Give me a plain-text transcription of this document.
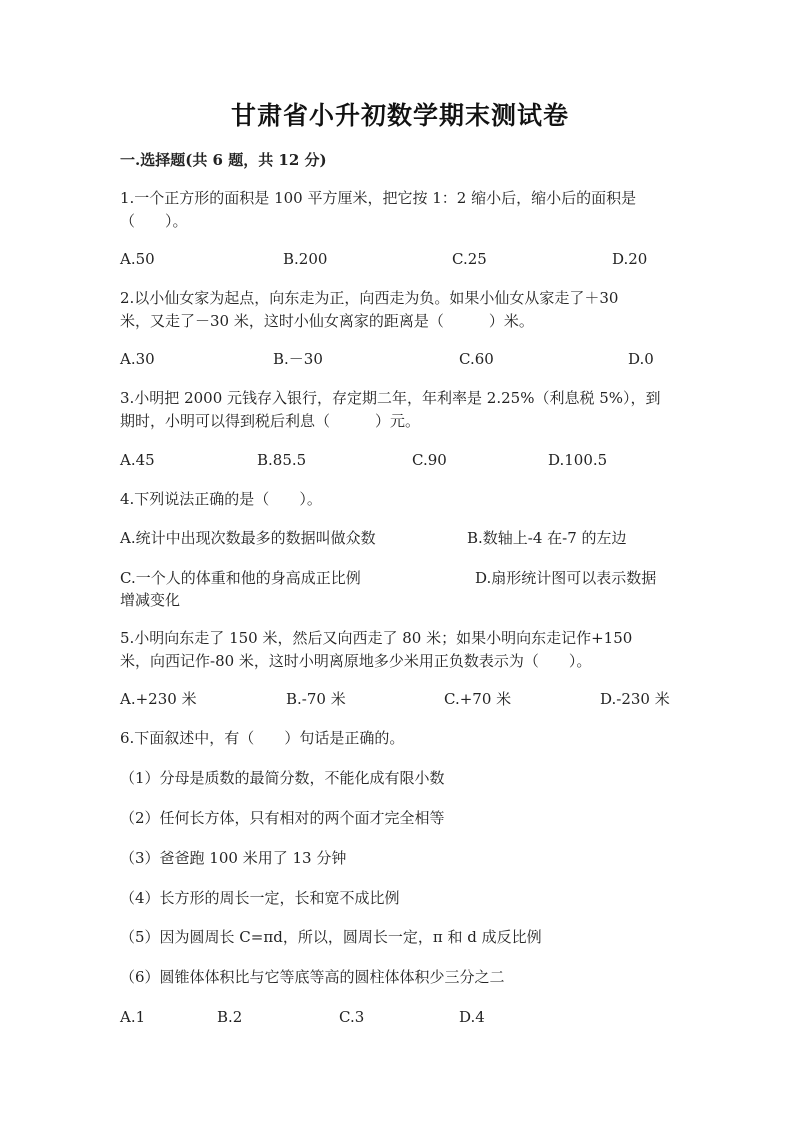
甘肃省小升初数学期末测试卷
一.选择题(共 6 题，共 12 分)
1.一个正方形的面积是 100 平方厘米，把它按 1：2 缩小后，缩小后的面积是
（　　）。
A.50	B.200	C.25	D.20
2.以小仙女家为起点，向东走为正，向西走为负。如果小仙女从家走了＋30
米，又走了－30 米，这时小仙女离家的距离是（　　　）米。
A.30	B.－30	C.60	D.0
3.小明把 2000 元钱存入银行，存定期二年，年利率是 2.25%（利息税 5%），到
期时，小明可以得到税后利息（　　　）元。
A.45	B.85.5	C.90	D.100.5
4.下列说法正确的是（　　）。
A.统计中出现次数最多的数据叫做众数	B.数轴上-4 在-7 的左边
C.一个人的体重和他的身高成正比例	D.扇形统计图可以表示数据
增减变化
5.小明向东走了 150 米，然后又向西走了 80 米；如果小明向东走记作+150
米，向西记作-80 米，这时小明离原地多少米用正负数表示为（　　）。
A.+230 米	B.-70 米	C.+70 米	D.-230 米
6.下面叙述中，有（　　）句话是正确的。
（1）分母是质数的最简分数，不能化成有限小数
（2）任何长方体，只有相对的两个面才完全相等
（3）爸爸跑 100 米用了 13 分钟
（4）长方形的周长一定，长和宽不成比例
（5）因为圆周长 C=πd，所以，圆周长一定，π 和 d 成反比例
（6）圆锥体体积比与它等底等高的圆柱体体积少三分之二
A.1	B.2	C.3	D.4
